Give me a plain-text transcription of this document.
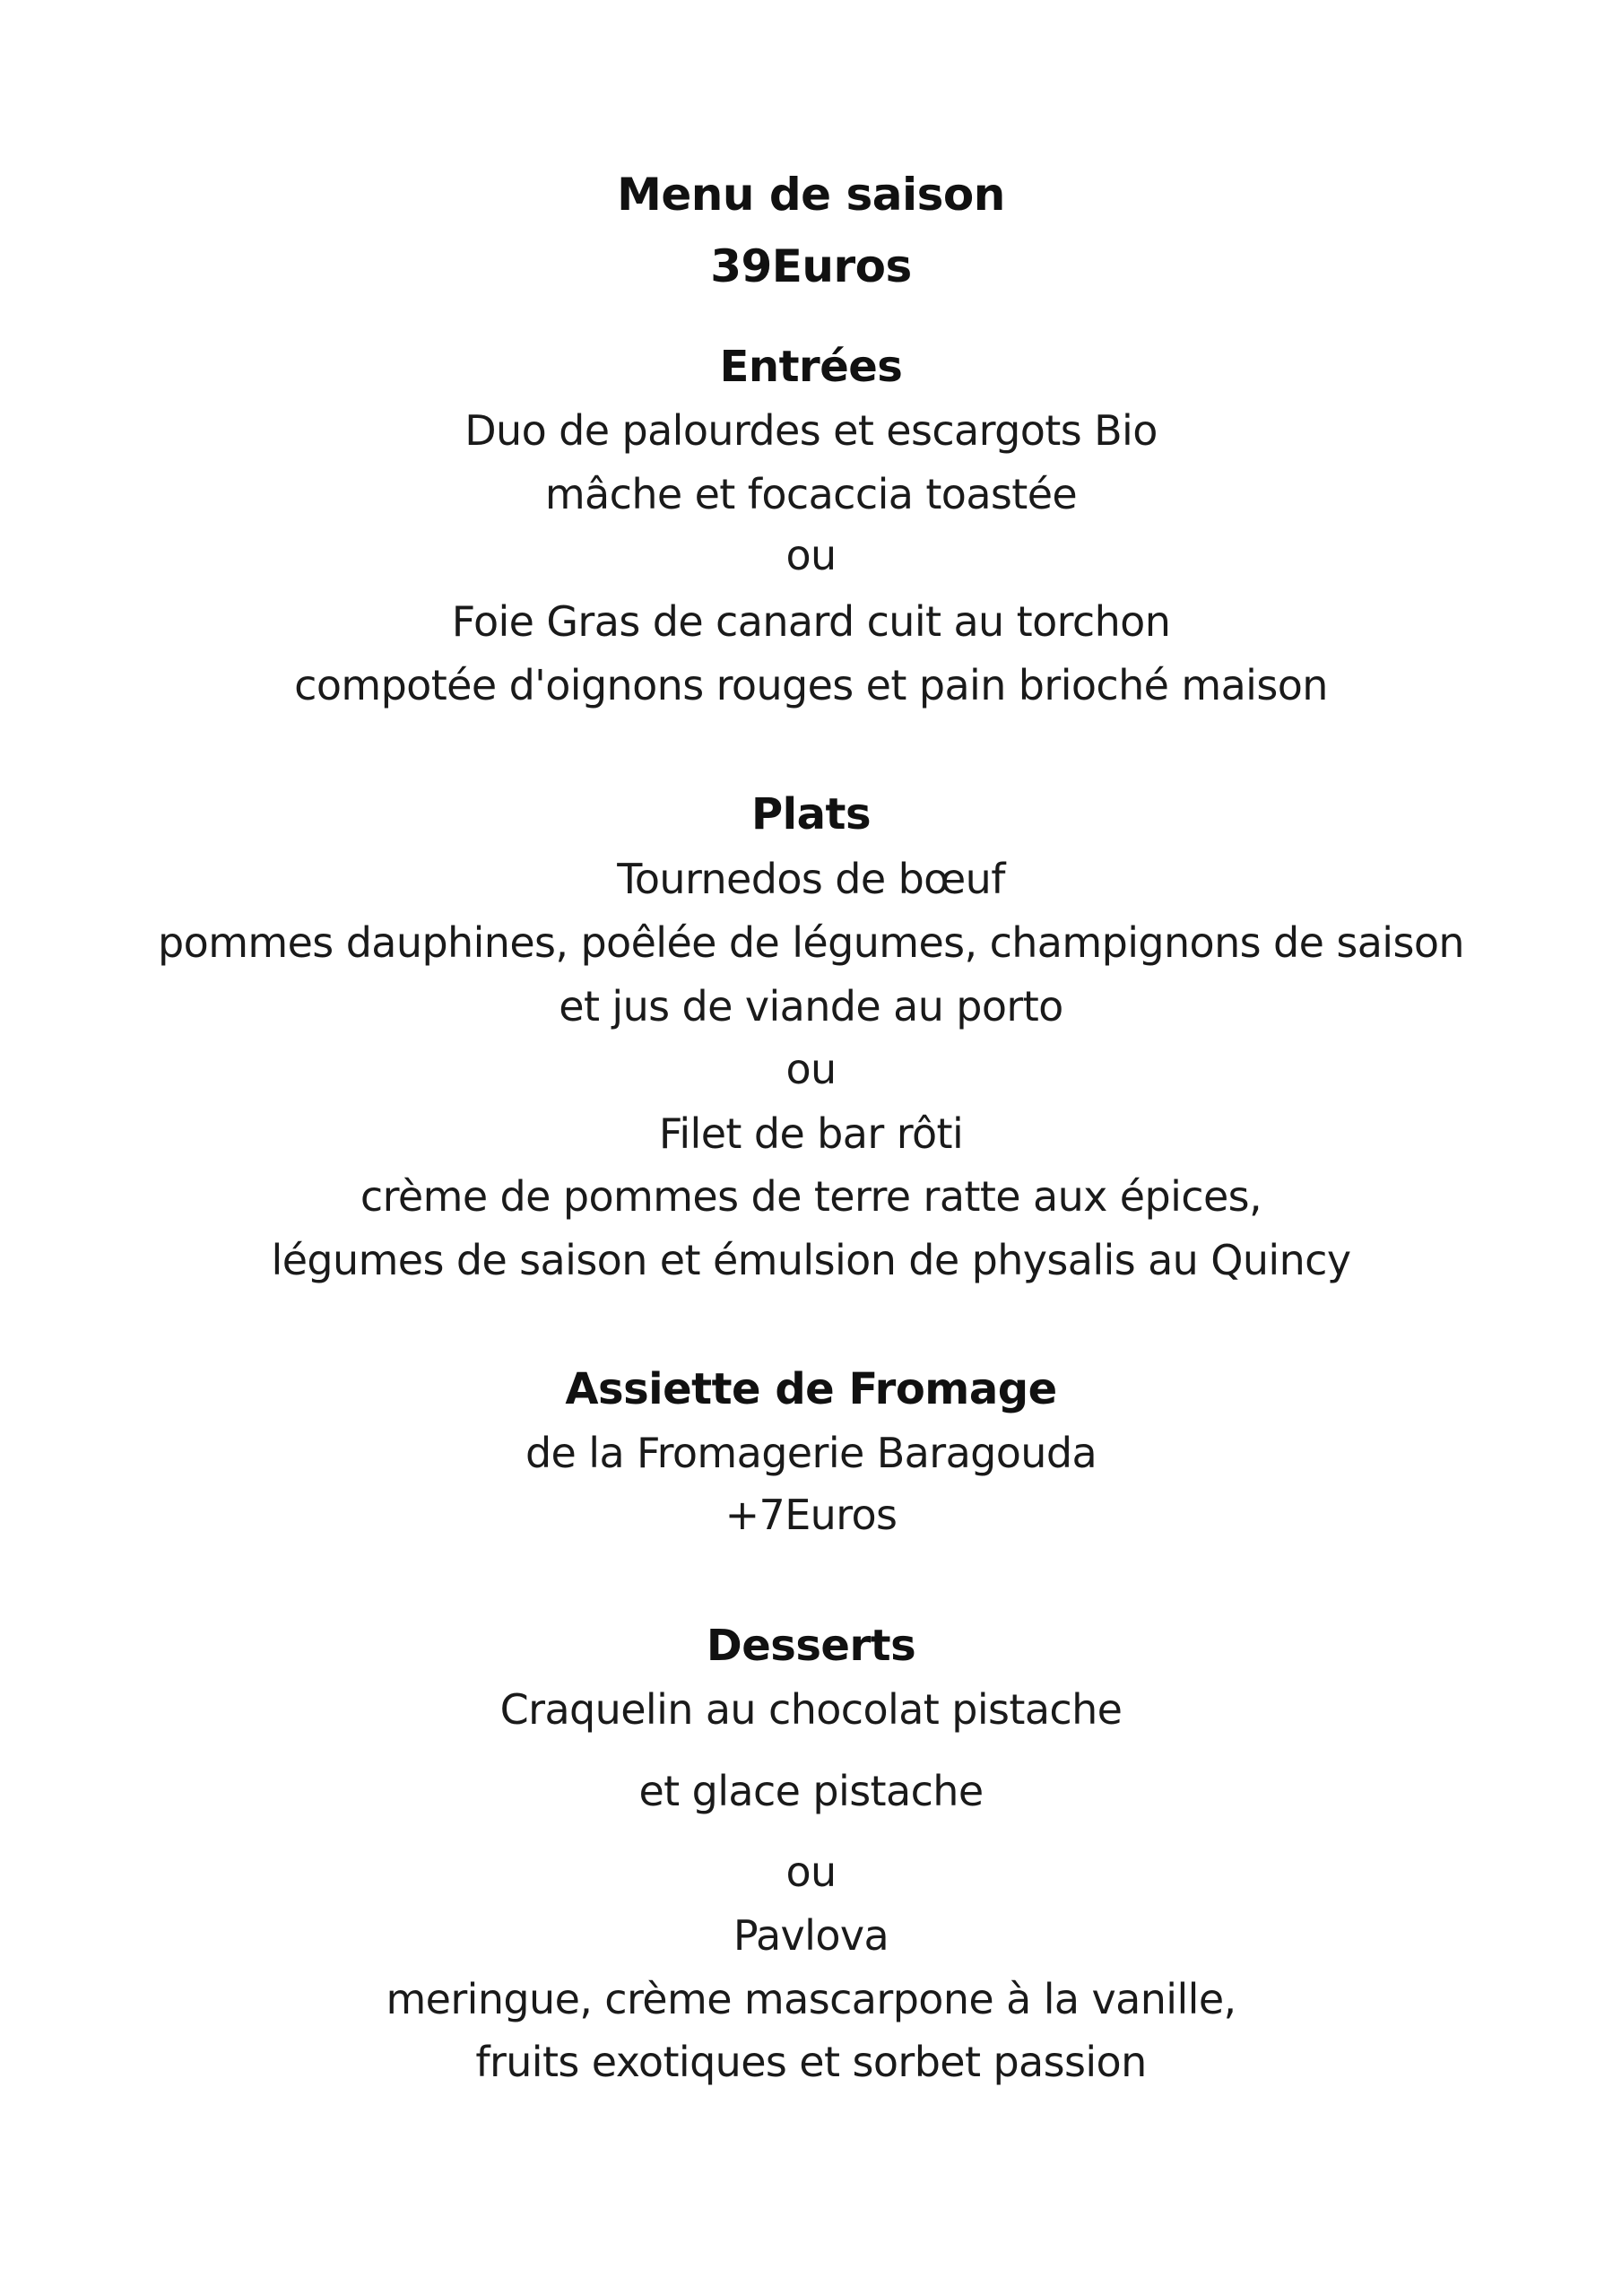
Menu de saison
39Euros
Entrées
Duo de palourdes et escargots Bio
mâche et focaccia toastée
ou
Foie Gras de canard cuit au torchon
compotée d'oignons rouges et pain brioché maison
Plats
Tournedos de bœuf
pommes dauphines, poêlée de légumes, champignons de saison
et jus de viande au porto
ou
Filet de bar rôti
crème de pommes de terre ratte aux épices,
légumes de saison et émulsion de physalis au Quincy
Assiette de Fromage
de la Fromagerie Baragouda
+7Euros
Desserts
Craquelin au chocolat pistache
et glace pistache
ou
Pavlova
meringue, crème mascarpone à la vanille,
fruits exotiques et sorbet passion
